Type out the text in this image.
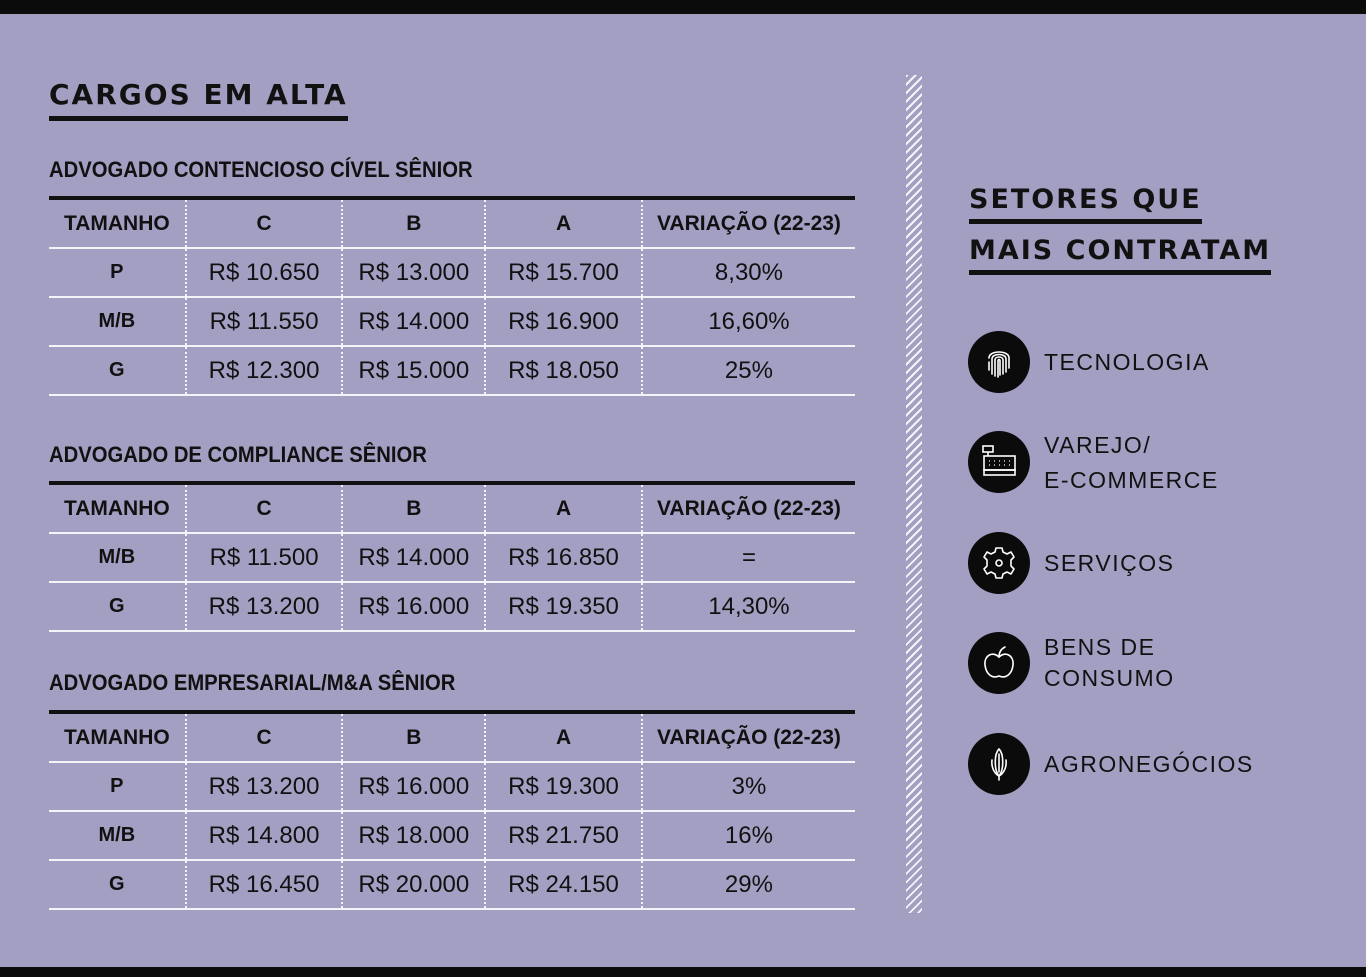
CARGOS EM ALTA
ADVOGADO CONTENCIOSO CÍVEL SÊNIOR
TAMANHO	C	B	A	VARIAÇÃO (22-23)
P	R$ 10.650	R$ 13.000	R$ 15.700	8,30%
M/B	R$ 11.550	R$ 14.000	R$ 16.900	16,60%
G	R$ 12.300	R$ 15.000	R$ 18.050	25%
ADVOGADO DE COMPLIANCE SÊNIOR
TAMANHO	C	B	A	VARIAÇÃO (22-23)
M/B	R$ 11.500	R$ 14.000	R$ 16.850	=
G	R$ 13.200	R$ 16.000	R$ 19.350	14,30%
ADVOGADO EMPRESARIAL/M&A SÊNIOR
TAMANHO	C	B	A	VARIAÇÃO (22-23)
P	R$ 13.200	R$ 16.000	R$ 19.300	3%
M/B	R$ 14.800	R$ 18.000	R$ 21.750	16%
G	R$ 16.450	R$ 20.000	R$ 24.150	29%
SETORES QUE
MAIS CONTRATAM
TECNOLOGIA
VAREJO/
E-COMMERCE
SERVIÇOS
BENS DE
CONSUMO
AGRONEGÓCIOS
